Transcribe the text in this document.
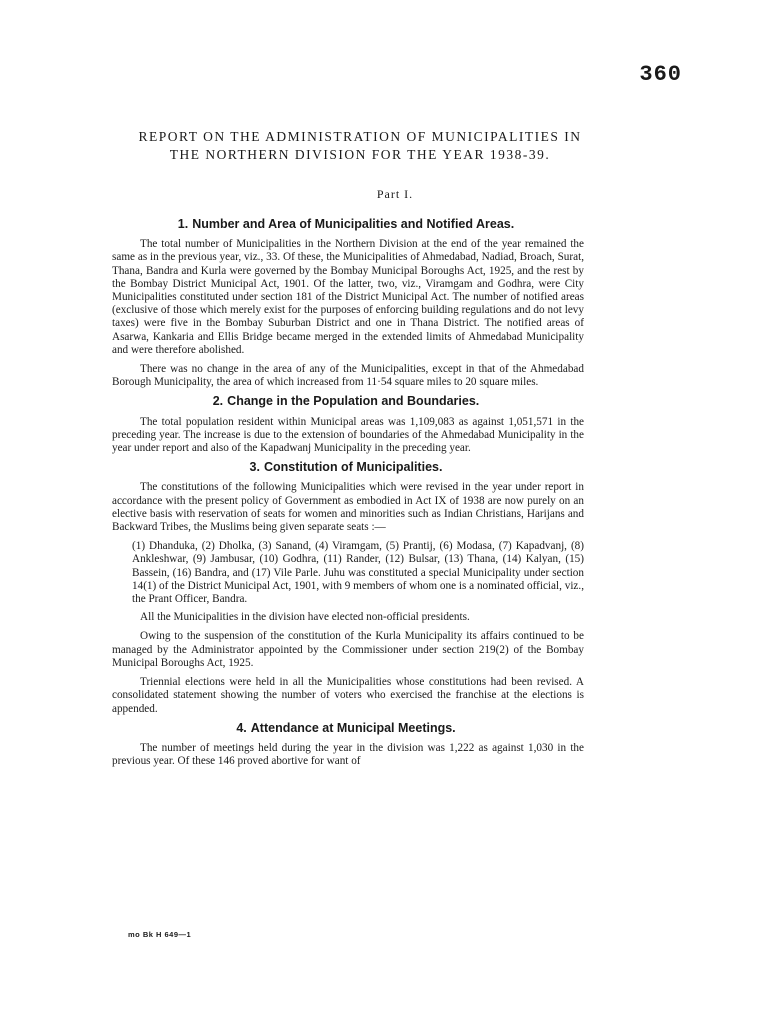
360
REPORT ON THE ADMINISTRATION OF MUNICIPALITIES IN
THE NORTHERN DIVISION FOR THE YEAR 1938-39.
Part I.
1. Number and Area of Municipalities and Notified Areas.

The total number of Municipalities in the Northern Division at the end of the year remained the same as in the previous year, viz., 33. Of these, the Municipalities of Ahmedabad, Nadiad, Broach, Surat, Thana, Bandra and Kurla were governed by the Bombay Municipal Boroughs Act, 1925, and the rest by the Bombay District Municipal Act, 1901. Of the latter, two, viz., Viramgam and Godhra, were City Municipalities constituted under section 181 of the District Municipal Act. The number of notified areas (exclusive of those which merely exist for the purposes of enforcing building regulations and do not levy taxes) were five in the Bombay Suburban District and one in Thana District. The notified areas of Asarwa, Kankaria and Ellis Bridge became merged in the extended limits of Ahmedabad Municipality and were therefore abolished.

There was no change in the area of any of the Municipalities, except in that of the Ahmedabad Borough Municipality, the area of which increased from 11·54 square miles to 20 square miles.

2. Change in the Population and Boundaries.

The total population resident within Municipal areas was 1,109,083 as against 1,051,571 in the preceding year. The increase is due to the extension of boundaries of the Ahmedabad Municipality in the year under report and also of the Kapadwanj Municipality in the preceding year.

3. Constitution of Municipalities.

The constitutions of the following Municipalities which were revised in the year under report in accordance with the present policy of Government as embodied in Act IX of 1938 are now purely on an elective basis with reservation of seats for women and minorities such as Indian Christians, Harijans and Backward Tribes, the Muslims being given separate seats :—

(1) Dhanduka, (2) Dholka, (3) Sanand, (4) Viramgam, (5) Prantij, (6) Modasa, (7) Kapadvanj, (8) Ankleshwar, (9) Jambusar, (10) Godhra, (11) Rander, (12) Bulsar, (13) Thana, (14) Kalyan, (15) Bassein, (16) Bandra, and (17) Vile Parle. Juhu was constituted a special Municipality under section 14(1) of the District Municipal Act, 1901, with 9 members of whom one is a nominated official, viz., the Prant Officer, Bandra.

All the Municipalities in the division have elected non-official presidents.

Owing to the suspension of the constitution of the Kurla Municipality its affairs continued to be managed by the Administrator appointed by the Commissioner under section 219(2) of the Bombay Municipal Boroughs Act, 1925.

Triennial elections were held in all the Municipalities whose constitutions had been revised. A consolidated statement showing the number of voters who exercised the franchise at the elections is appended.

4. Attendance at Municipal Meetings.

The number of meetings held during the year in the division was 1,222 as against 1,030 in the previous year. Of these 146 proved abortive for want of

mo Bk H 649—1
